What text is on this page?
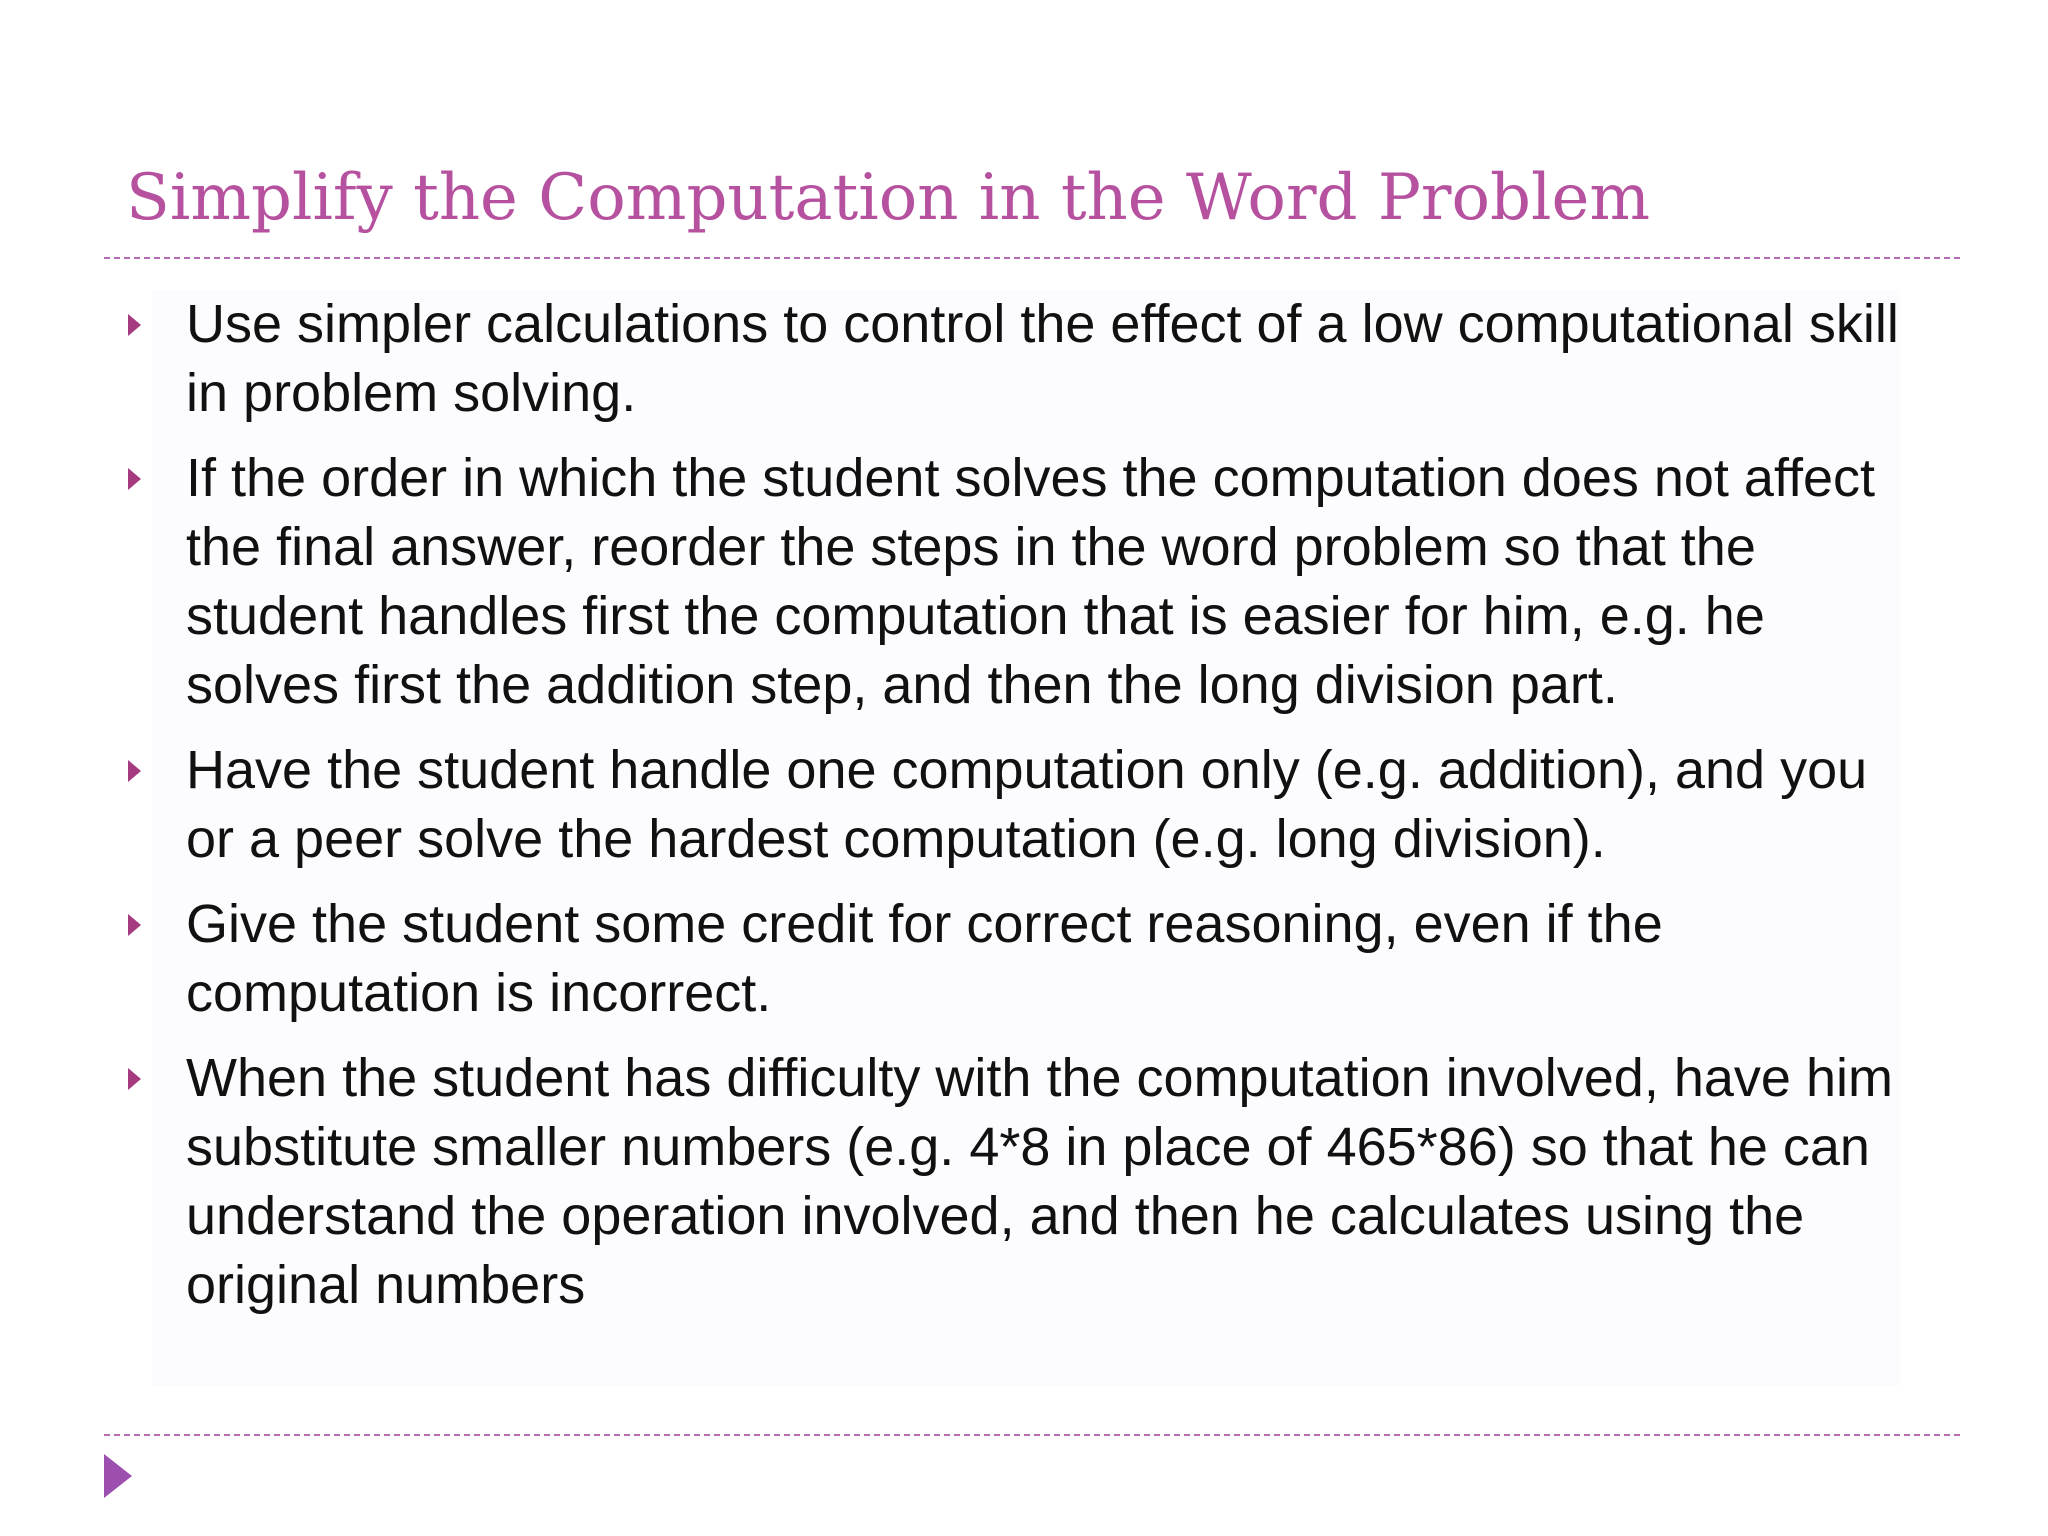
Simplify the Computation in the Word Problem
Use simpler calculations to control the effect of a low computational skill in problem solving.
If the order in which the student solves the computation does not affect the final answer, reorder the steps in the word problem so that the student handles first the computation that is easier for him, e.g. he solves first the addition step, and then the long division part.
Have the student handle one computation only (e.g. addition), and you or a peer solve the hardest computation (e.g. long division).
Give the student some credit for correct reasoning, even if the computation is incorrect.
When the student has difficulty with the computation involved, have him substitute smaller numbers (e.g. 4*8 in place of 465*86) so that he can understand the operation involved, and then he calculates using the original numbers
